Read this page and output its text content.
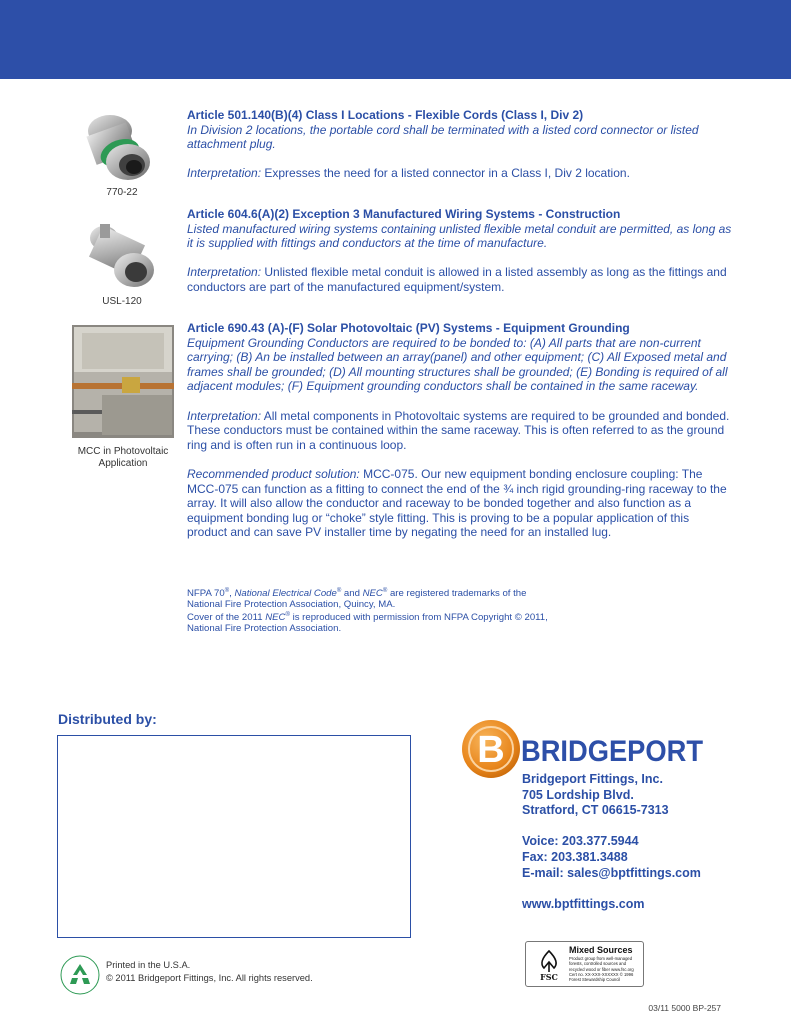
770-22
USL-120
MCC in Photovoltaic
Application

Article 501.140(B)(4) Class I Locations - Flexible Cords (Class I, Div 2)

In Division 2 locations, the portable cord shall be terminated with a listed cord connector or listed attachment plug.

Interpretation: Expresses the need for a listed connector in a Class I, Div 2 location.

Article 604.6(A)(2) Exception 3 Manufactured Wiring Systems - Construction

Listed manufactured wiring systems containing unlisted flexible metal conduit are permitted, as long as it is supplied with fittings and conductors at the time of manufacture.

Interpretation: Unlisted flexible metal conduit is allowed in a listed assembly as long as the fittings and conductors are part of the manufactured equipment/system.

Article 690.43 (A)-(F) Solar Photovoltaic (PV) Systems - Equipment Grounding

Equipment Grounding Conductors are required to be bonded to: (A) All parts that are non-current carrying; (B) An be installed between an array(panel) and other equipment; (C) All Exposed metal and frames shall be grounded; (D) All mounting structures shall be grounded; (E) Bonding is required of all adjacent modules; (F) Equipment grounding conductors shall be contained in the same raceway.

Interpretation: All metal components in Photovoltaic systems are required to be grounded and bonded. These conductors must be contained within the same raceway. This is often referred to as the ground ring and is often run in a continuous loop.

Recommended product solution: MCC-075. Our new equipment bonding enclosure coupling: The MCC-075 can function as a fitting to connect the end of the ¾ inch rigid grounding-ring raceway to the array. It will also allow the conductor and raceway to be bonded together and also function as a equipment bonding lug or “choke” style fitting. This is proving to be a popular application of this product and can save PV installer time by negating the need for an installed lug.

NFPA 70®, National Electrical Code® and NEC® are registered trademarks of the
National Fire Protection Association, Quincy, MA.
Cover of the 2011 NEC® is reproduced with permission from NFPA Copyright © 2011,
National Fire Protection Association.
Distributed by:
B BRIDGEPORT
Bridgeport Fittings, Inc.
705 Lordship Blvd.
Stratford, CT 06615-7313
Voice: 203.377.5944
Fax: 203.381.3488
E-mail: sales@bptfittings.com
www.bptfittings.com
FSC
Mixed Sources
Product group from well-managed forests, controlled sources and recycled wood or fiber www.fsc.org Cert no. XX-XXX-XXXXXX © 1996 Forest Stewardship Council
Printed in the U.S.A.
© 2011 Bridgeport Fittings, Inc. All rights reserved.
03/11 5000 BP-257
